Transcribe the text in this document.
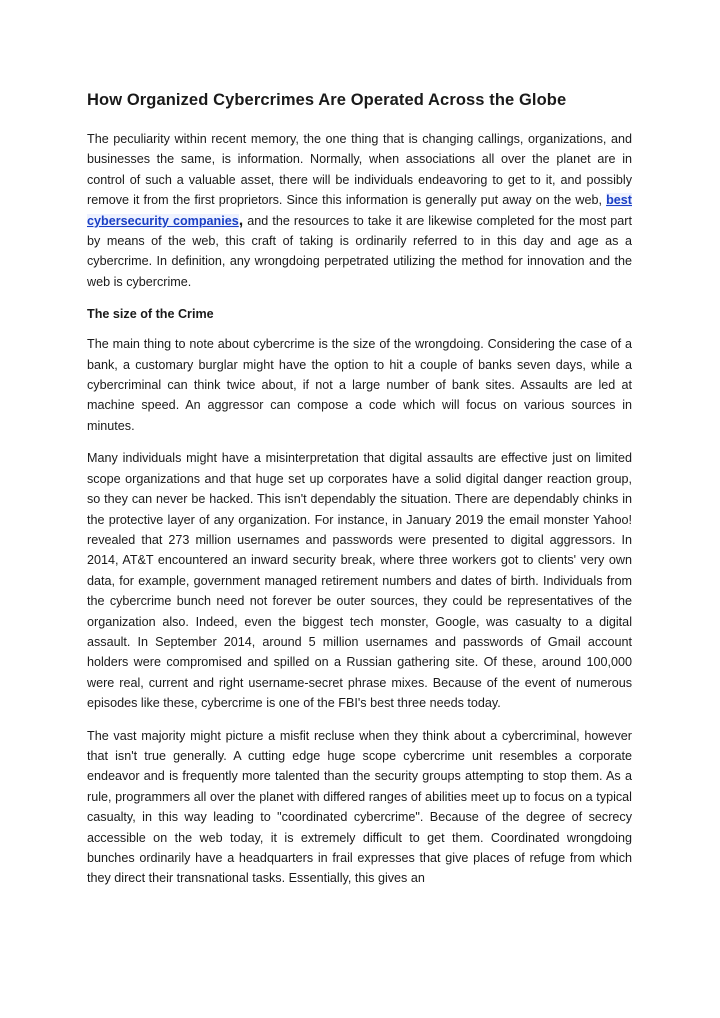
How Organized Cybercrimes Are Operated Across the Globe

The peculiarity within recent memory, the one thing that is changing callings, organizations, and businesses the same, is information. Normally, when associations all over the planet are in control of such a valuable asset, there will be individuals endeavoring to get to it, and possibly remove it from the first proprietors. Since this information is generally put away on the web, best cybersecurity companies, and the resources to take it are likewise completed for the most part by means of the web, this craft of taking is ordinarily referred to in this day and age as a cybercrime. In definition, any wrongdoing perpetrated utilizing the method for innovation and the web is cybercrime.

The size of the Crime

The main thing to note about cybercrime is the size of the wrongdoing. Considering the case of a bank, a customary burglar might have the option to hit a couple of banks seven days, while a cybercriminal can think twice about, if not a large number of bank sites. Assaults are led at machine speed. An aggressor can compose a code which will focus on various sources in minutes.

Many individuals might have a misinterpretation that digital assaults are effective just on limited scope organizations and that huge set up corporates have a solid digital danger reaction group, so they can never be hacked. This isn't dependably the situation. There are dependably chinks in the protective layer of any organization. For instance, in January 2019 the email monster Yahoo! revealed that 273 million usernames and passwords were presented to digital aggressors. In 2014, AT&T encountered an inward security break, where three workers got to clients' very own data, for example, government managed retirement numbers and dates of birth. Individuals from the cybercrime bunch need not forever be outer sources, they could be representatives of the organization also. Indeed, even the biggest tech monster, Google, was casualty to a digital assault. In September 2014, around 5 million usernames and passwords of Gmail account holders were compromised and spilled on a Russian gathering site. Of these, around 100,000 were real, current and right username-secret phrase mixes. Because of the event of numerous episodes like these, cybercrime is one of the FBI's best three needs today.

The vast majority might picture a misfit recluse when they think about a cybercriminal, however that isn't true generally. A cutting edge huge scope cybercrime unit resembles a corporate endeavor and is frequently more talented than the security groups attempting to stop them. As a rule, programmers all over the planet with differed ranges of abilities meet up to focus on a typical casualty, in this way leading to "coordinated cybercrime". Because of the degree of secrecy accessible on the web today, it is extremely difficult to get them. Coordinated wrongdoing bunches ordinarily have a headquarters in frail expresses that give places of refuge from which they direct their transnational tasks. Essentially, this gives an
